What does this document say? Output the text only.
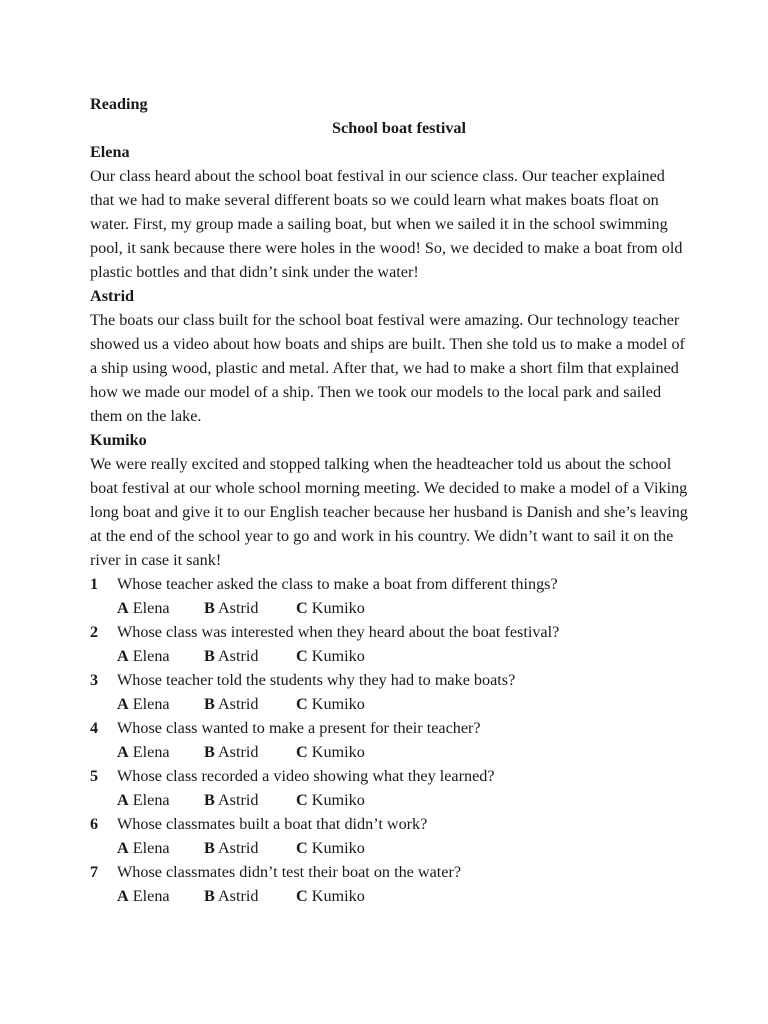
Reading

School boat festival

Elena

Our class heard about the school boat festival in our science class. Our teacher explained that we had to make several different boats so we could learn what makes boats float on water. First, my group made a sailing boat, but when we sailed it in the school swimming pool, it sank because there were holes in the wood! So, we decided to make a boat from old plastic bottles and that didn’t sink under the water!

Astrid

The boats our class built for the school boat festival were amazing. Our technology teacher showed us a video about how boats and ships are built. Then she told us to make a model of a ship using wood, plastic and metal. After that, we had to make a short film that explained how we made our model of a ship. Then we took our models to the local park and sailed them on the lake.

Kumiko

We were really excited and stopped talking when the headteacher told us about the school boat festival at our whole school morning meeting. We decided to make a model of a Viking long boat and give it to our English teacher because her husband is Danish and she’s leaving at the end of the school year to go and work in his country. We didn’t want to sail it on the river in case it sank!

1	Whose teacher asked the class to make a boat from different things?
A Elena	B Astrid	C Kumiko
2	Whose class was interested when they heard about the boat festival?
A Elena	B Astrid	C Kumiko
3	Whose teacher told the students why they had to make boats?
A Elena	B Astrid	C Kumiko
4	Whose class wanted to make a present for their teacher?
A Elena	B Astrid	C Kumiko
5	Whose class recorded a video showing what they learned?
A Elena	B Astrid	C Kumiko
6	Whose classmates built a boat that didn’t work?
A Elena	B Astrid	C Kumiko
7	Whose classmates didn’t test their boat on the water?
A Elena	B Astrid	C Kumiko
